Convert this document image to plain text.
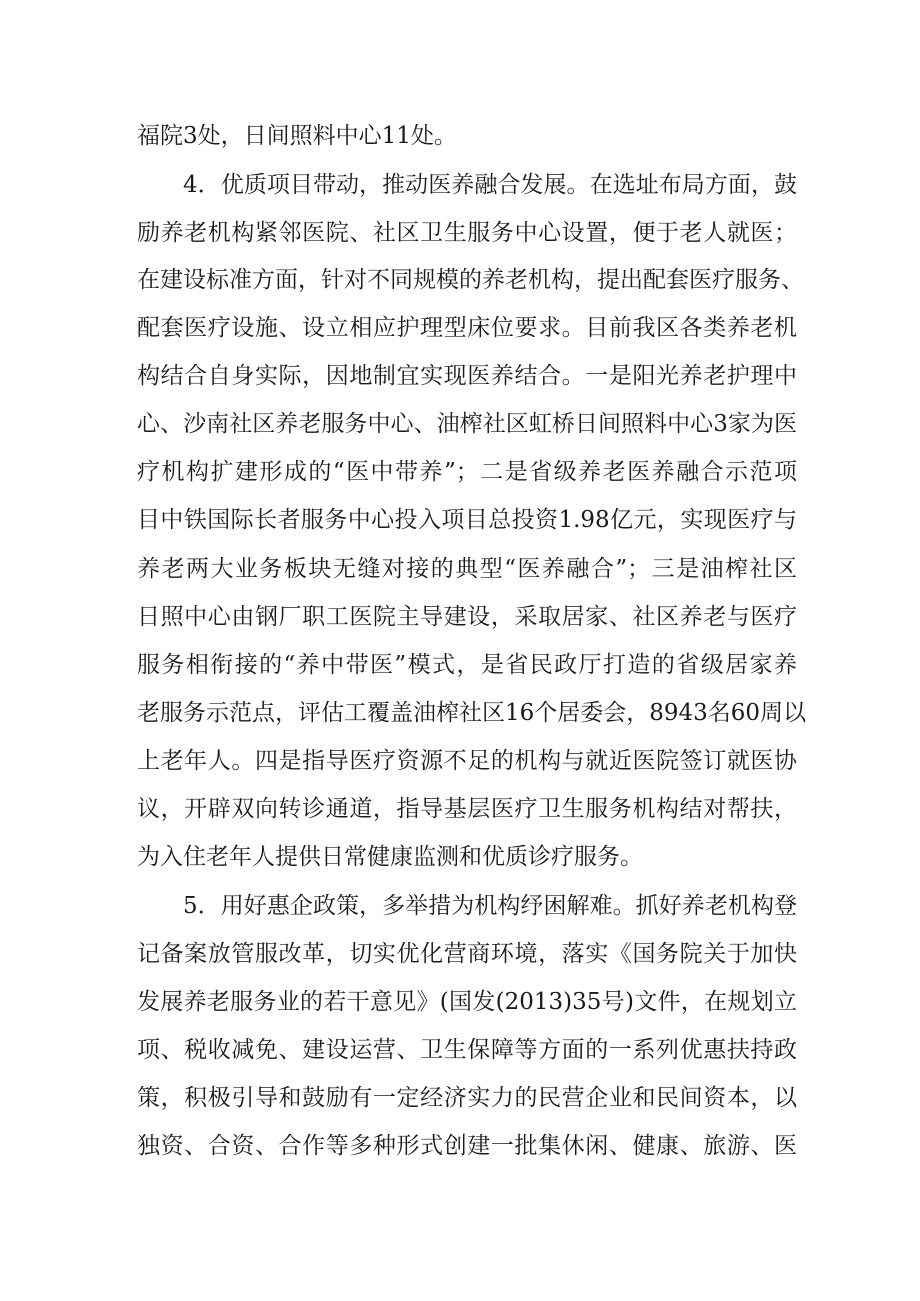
福院3处，日间照料中心11处。
4．优质项目带动，推动医养融合发展。在选址布局方面，鼓
励养老机构紧邻医院、社区卫生服务中心设置，便于老人就医；
在建设标准方面，针对不同规模的养老机构，提出配套医疗服务、
配套医疗设施、设立相应护理型床位要求。目前我区各类养老机
构结合自身实际，因地制宜实现医养结合。一是阳光养老护理中
心、沙南社区养老服务中心、油榨社区虹桥日间照料中心3家为医
疗机构扩建形成的“医中带养”；二是省级养老医养融合示范项
目中铁国际长者服务中心投入项目总投资1.98亿元，实现医疗与
养老两大业务板块无缝对接的典型“医养融合”；三是油榨社区
日照中心由钢厂职工医院主导建设，采取居家、社区养老与医疗
服务相衔接的“养中带医”模式，是省民政厅打造的省级居家养
老服务示范点，评估工覆盖油榨社区16个居委会，8943名60周以
上老年人。四是指导医疗资源不足的机构与就近医院签订就医协
议，开辟双向转诊通道，指导基层医疗卫生服务机构结对帮扶，
为入住老年人提供日常健康监测和优质诊疗服务。
5．用好惠企政策，多举措为机构纾困解难。抓好养老机构登
记备案放管服改革，切实优化营商环境，落实《国务院关于加快
发展养老服务业的若干意见》(国发(2013)35号)文件，在规划立
项、税收减免、建设运营、卫生保障等方面的一系列优惠扶持政
策，积极引导和鼓励有一定经济实力的民营企业和民间资本，以
独资、合资、合作等多种形式创建一批集休闲、健康、旅游、医
